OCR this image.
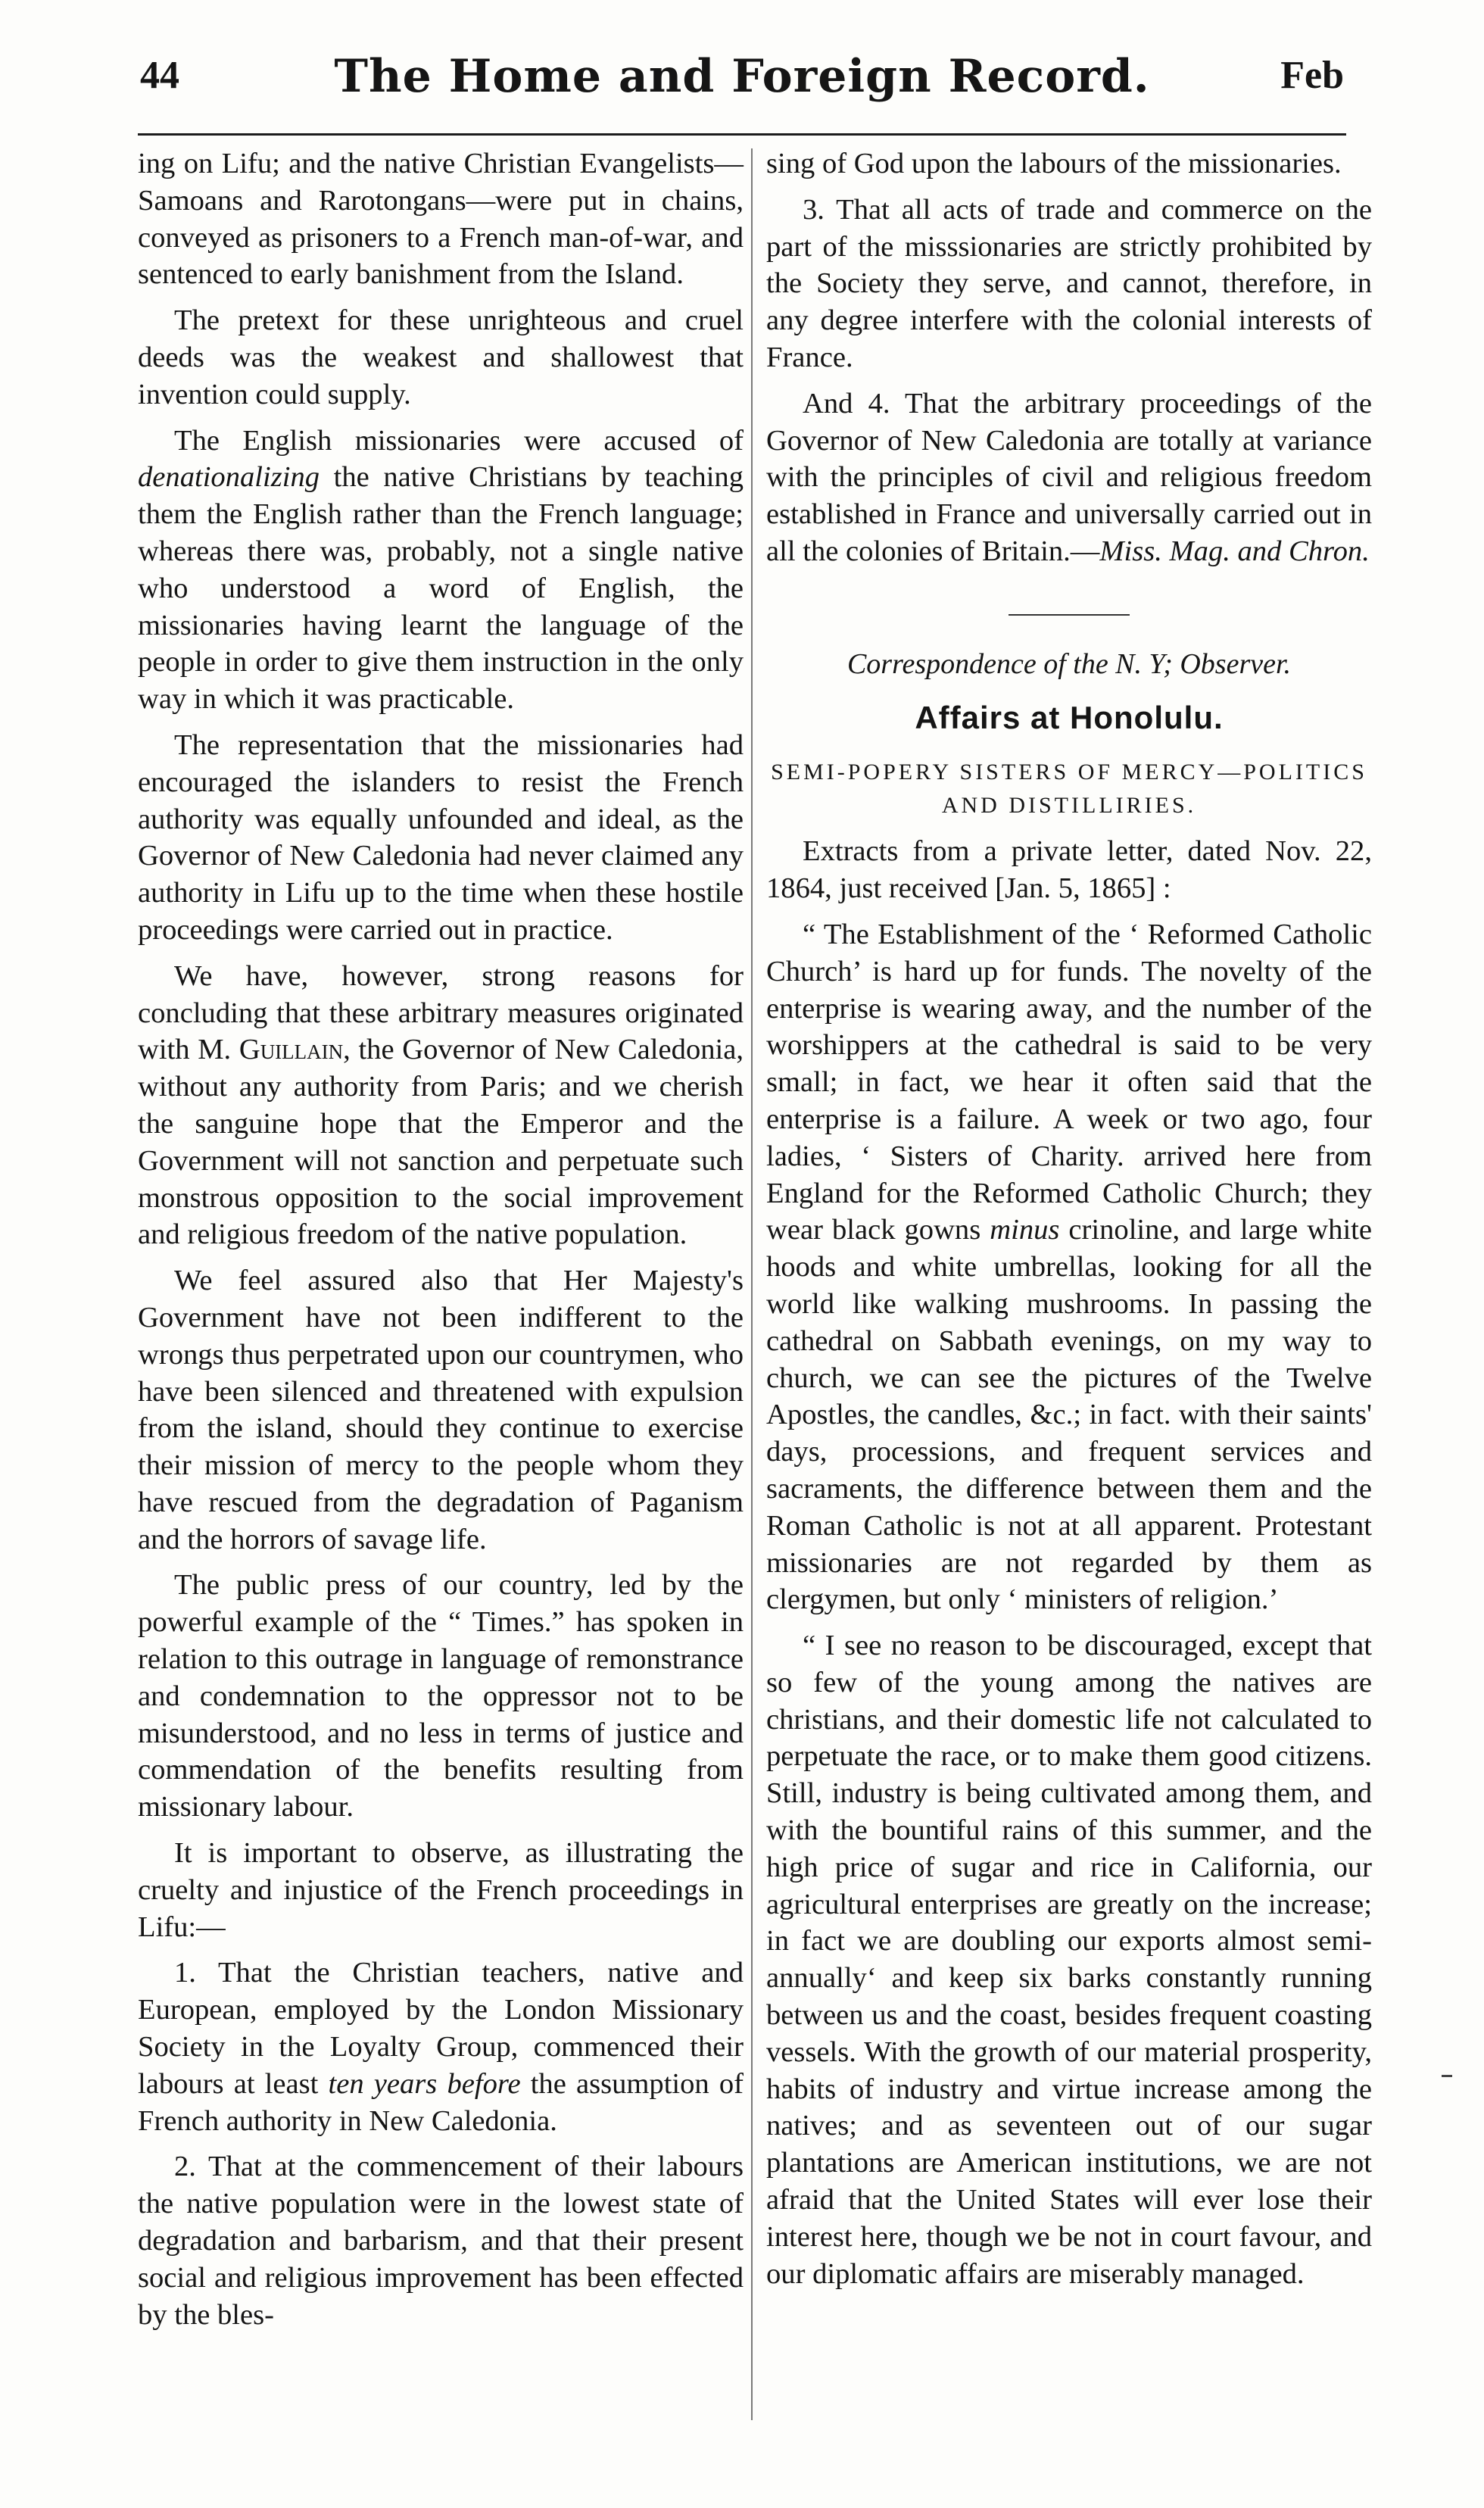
44	The Home and Foreign Record.	Feb

ing on Lifu; and the native Christian Evangelists—Samoans and Rarotongans—were put in chains, conveyed as prisoners to a French man-of-war, and sentenced to early banishment from the Island.

The pretext for these unrighteous and cruel deeds was the weakest and shallowest that invention could supply.

The English missionaries were accused of denationalizing the native Christians by teaching them the English rather than the French language; whereas there was, probably, not a single native who understood a word of English, the missionaries having learnt the language of the people in order to give them instruction in the only way in which it was practicable.

The representation that the missionaries had encouraged the islanders to resist the French authority was equally unfounded and ideal, as the Governor of New Caledonia had never claimed any authority in Lifu up to the time when these hostile proceedings were carried out in practice.

We have, however, strong reasons for concluding that these arbitrary measures originated with M. Guillain, the Governor of New Caledonia, without any authority from Paris; and we cherish the sanguine hope that the Emperor and the Government will not sanction and perpetuate such monstrous opposition to the social improvement and religious freedom of the native population.

We feel assured also that Her Majesty's Government have not been indifferent to the wrongs thus perpetrated upon our countrymen, who have been silenced and threatened with expulsion from the island, should they continue to exercise their mission of mercy to the people whom they have rescued from the degradation of Paganism and the horrors of savage life.

The public press of our country, led by the powerful example of the “ Times.” has spoken in relation to this outrage in language of remonstrance and condemnation to the oppressor not to be misunderstood, and no less in terms of justice and commendation of the benefits resulting from missionary labour.

It is important to observe, as illustrating the cruelty and injustice of the French proceedings in Lifu:—

1. That the Christian teachers, native and European, employed by the London Missionary Society in the Loyalty Group, commenced their labours at least ten years before the assumption of French authority in New Caledonia.

2. That at the commencement of their labours the native population were in the lowest state of degradation and barbarism, and that their present social and religious improvement has been effected by the bles-

sing of God upon the labours of the missionaries.

3. That all acts of trade and commerce on the part of the misssionaries are strictly prohibited by the Society they serve, and cannot, therefore, in any degree interfere with the colonial interests of France.

And 4. That the arbitrary proceedings of the Governor of New Caledonia are totally at variance with the principles of civil and religious freedom established in France and universally carried out in all the colonies of Britain.—Miss. Mag. and Chron.

Correspondence of the N. Y; Observer.
Affairs at Honolulu.
SEMI-POPERY SISTERS OF MERCY—POLITICS AND DISTILLIRIES.

Extracts from a private letter, dated Nov. 22, 1864, just received [Jan. 5, 1865] :

“ The Establishment of the ‘ Reformed Catholic Church’ is hard up for funds. The novelty of the enterprise is wearing away, and the number of the worshippers at the cathedral is said to be very small; in fact, we hear it often said that the enterprise is a failure. A week or two ago, four ladies, ‘ Sisters of Charity. arrived here from England for the Reformed Catholic Church; they wear black gowns minus crinoline, and large white hoods and white umbrellas, looking for all the world like walking mushrooms. In passing the cathedral on Sabbath evenings, on my way to church, we can see the pictures of the Twelve Apostles, the candles, &c.; in fact. with their saints' days, processions, and frequent services and sacraments, the difference between them and the Roman Catholic is not at all apparent. Protestant missionaries are not regarded by them as clergymen, but only ‘ ministers of religion.’

“ I see no reason to be discouraged, except that so few of the young among the natives are christians, and their domestic life not calculated to perpetuate the race, or to make them good citizens. Still, industry is being cultivated among them, and with the bountiful rains of this summer, and the high price of sugar and rice in California, our agricultural enterprises are greatly on the increase; in fact we are doubling our exports almost semi-annually‘ and keep six barks constantly running between us and the coast, besides frequent coasting vessels. With the growth of our material prosperity, habits of industry and virtue increase among the natives; and as seventeen out of our sugar plantations are American institutions, we are not afraid that the United States will ever lose their interest here, though we be not in court favour, and our diplomatic affairs are miserably managed.
